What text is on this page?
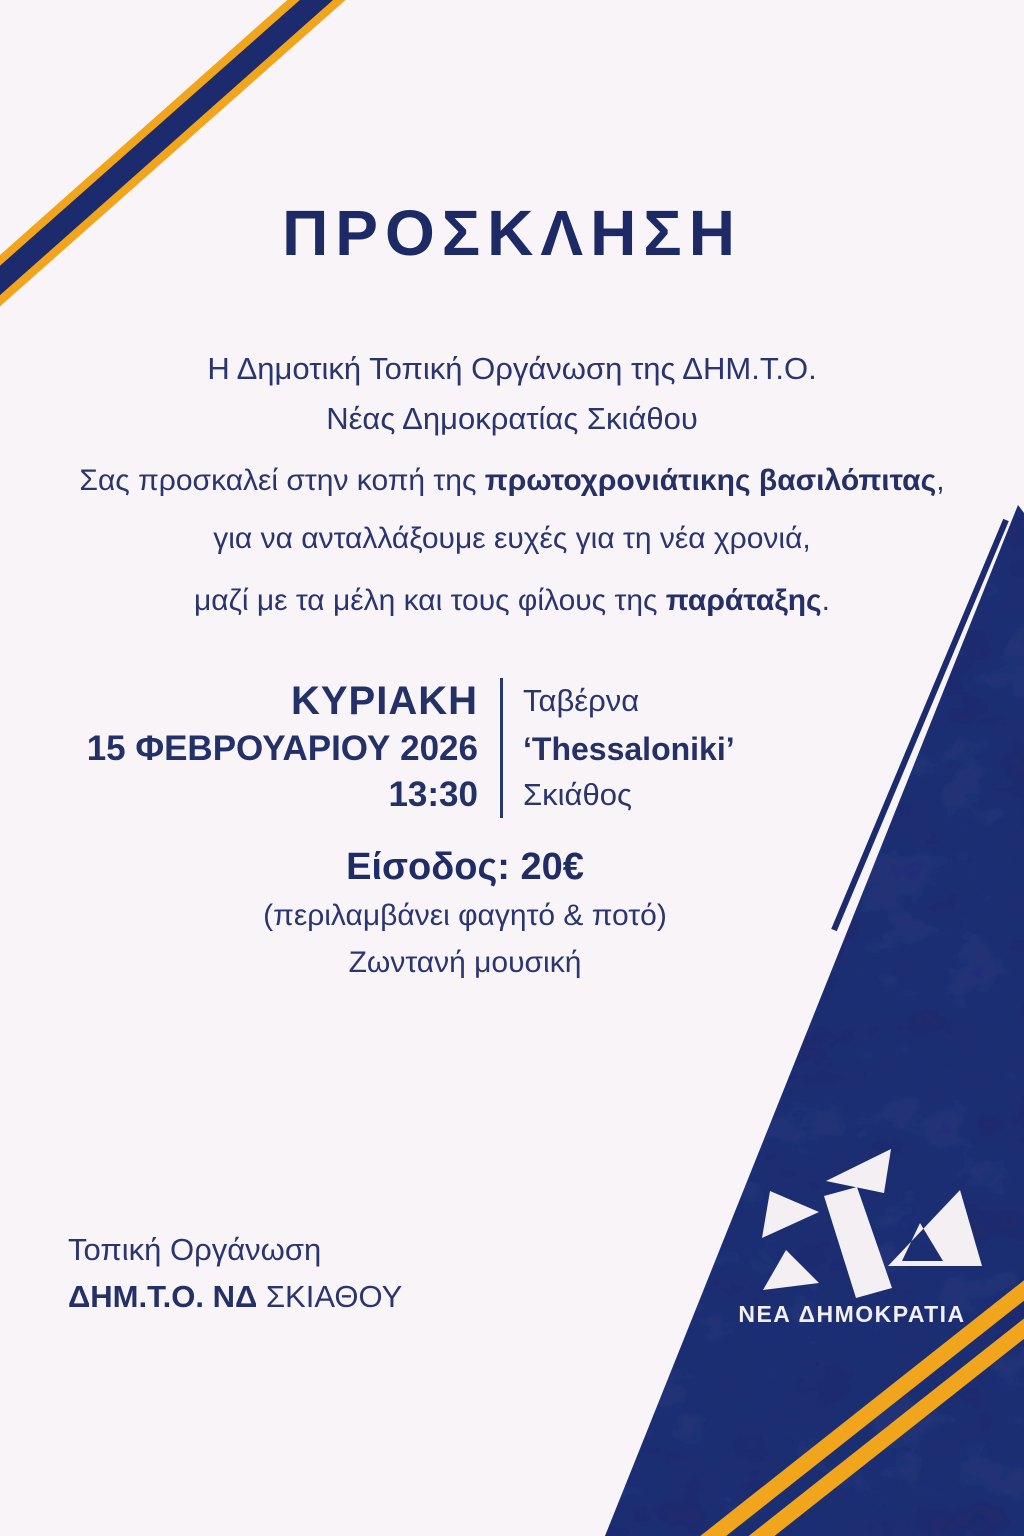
ΝΕΑ ΔΗΜΟΚΡΑΤΙΑ
ΠΡΟΣΚΛΗΣΗ
Η Δημοτική Τοπική Οργάνωση της ΔΗΜ.Τ.Ο.
Νέας Δημοκρατίας Σκιάθου
Σας προσκαλεί στην κοπή της πρωτοχρονιάτικης βασιλόπιτας,
για να ανταλλάξουμε ευχές για τη νέα χρονιά,
μαζί με τα μέλη και τους φίλους της παράταξης.
ΚΥΡΙΑΚΗ
15 ΦΕΒΡΟΥΑΡΙΟΥ 2026
13:30
Ταβέρνα
‘Thessaloniki’
Σκιάθος
Είσοδος: 20€
(περιλαμβάνει φαγητό & ποτό)
Ζωντανή μουσική
Τοπική Οργάνωση
ΔΗΜ.Τ.Ο. ΝΔ ΣΚΙΑΘΟΥ
